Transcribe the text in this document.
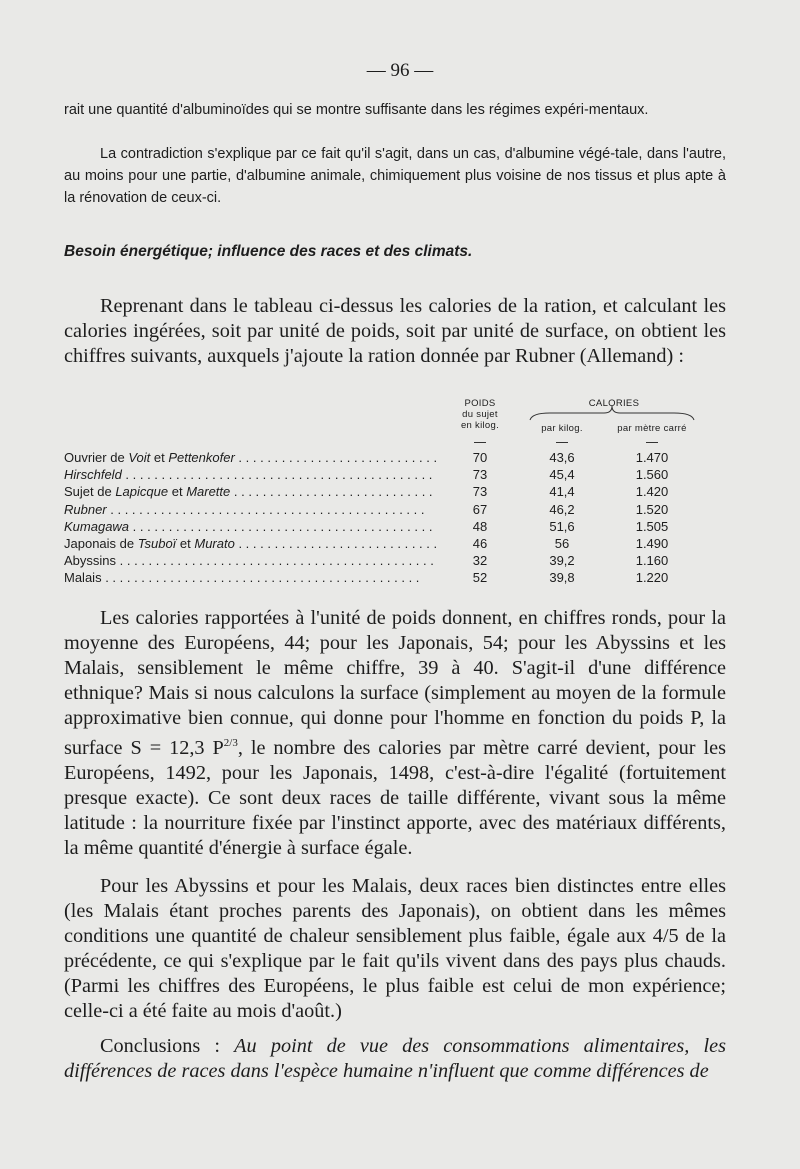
— 96 —
rait une quantité d'albuminoïdes qui se montre suffisante dans les régimes expéri-mentaux.
La contradiction s'explique par ce fait qu'il s'agit, dans un cas, d'albumine végé-tale, dans l'autre, au moins pour une partie, d'albumine animale, chimiquement plus voisine de nos tissus et plus apte à la rénovation de ceux-ci.
Besoin énergétique; influence des races et des climats.
Reprenant dans le tableau ci-dessus les calories de la ration, et calculant les calories ingérées, soit par unité de poids, soit par unité de surface, on obtient les chiffres suivants, auxquels j'ajoute la ration donnée par Rubner (Allemand) :
POIDS
du sujet
en kilog.
CALORIES
par kilog.	par mètre carré
Ouvrier de Voit et Pettenkofer . . .	70	43,6	1.470
Hirschfeld . . .	73	45,4	1.560
Sujet de Lapicque et Marette . . .	73	41,4	1.420
Rubner . . .	67	46,2	1.520
Kumagawa . . .	48	51,6	1.505
Japonais de Tsuboï et Murato . . .	46	56	1.490
Abyssins . . .	32	39,2	1.160
Malais . . .	52	39,8	1.220
Les calories rapportées à l'unité de poids donnent, en chiffres ronds, pour la moyenne des Européens, 44; pour les Japonais, 54; pour les Abyssins et les Malais, sensiblement le même chiffre, 39 à 40. S'agit-il d'une différence ethnique? Mais si nous calculons la surface (simplement au moyen de la formule approximative bien connue, qui donne pour l'homme en fonction du poids P, la surface S = 12,3 $P^{2/3}$, le nombre des calories par mètre carré devient, pour les Européens, 1492, pour les Japonais, 1498, c'est-à-dire l'égalité (fortuitement presque exacte). Ce sont deux races de taille différente, vivant sous la même latitude : la nourriture fixée par l'instinct apporte, avec des matériaux différents, la même quantité d'énergie à surface égale.
Pour les Abyssins et pour les Malais, deux races bien distinctes entre elles (les Malais étant proches parents des Japonais), on obtient dans les mêmes conditions une quantité de chaleur sensiblement plus faible, égale aux 4/5 de la précédente, ce qui s'explique par le fait qu'ils vivent dans des pays plus chauds. (Parmi les chiffres des Européens, le plus faible est celui de mon expérience; celle-ci a été faite au mois d'août.)
Conclusions : Au point de vue des consommations alimentaires, les différences de races dans l'espèce humaine n'influent que comme différences de
